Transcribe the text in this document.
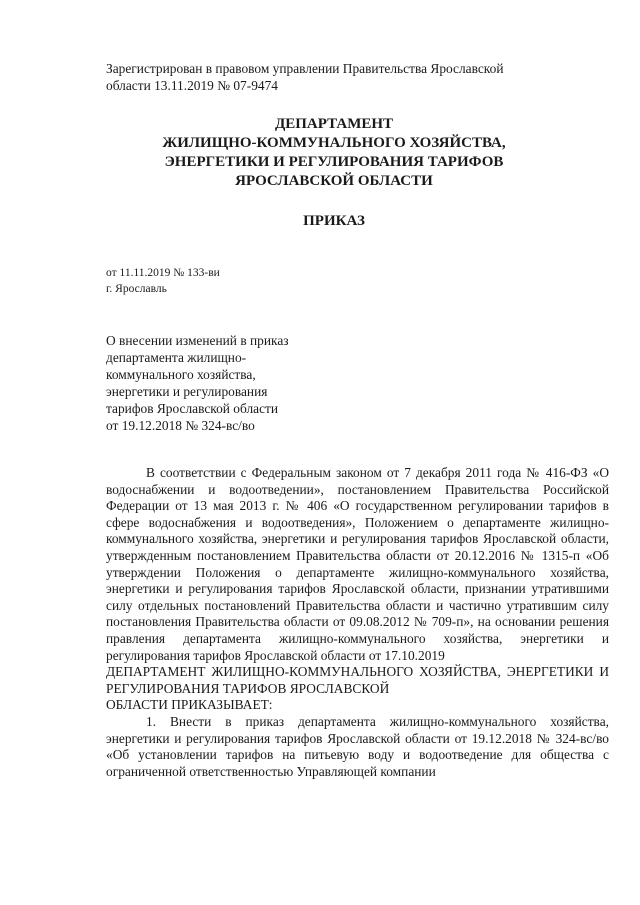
Зарегистрирован в правовом управлении Правительства Ярославской
области 13.11.2019 № 07-9474
ДЕПАРТАМЕНТ
ЖИЛИЩНО-КОММУНАЛЬНОГО ХОЗЯЙСТВА,
ЭНЕРГЕТИКИ И РЕГУЛИРОВАНИЯ ТАРИФОВ
ЯРОСЛАВСКОЙ ОБЛАСТИ
ПРИКАЗ
от 11.11.2019 № 133-ви
г. Ярославль
О внесении изменений в приказ
департамента жилищно-
коммунального хозяйства,
энергетики и регулирования
тарифов Ярославской области
от 19.12.2018 № 324-вс/во

В соответствии с Федеральным законом от 7 декабря 2011 года № 416-ФЗ «О водоснабжении и водоотведении», постановлением Правительства Российской Федерации от 13 мая 2013 г. № 406 «О государственном регулировании тарифов в сфере водоснабжения и водоотведения», Положением о департаменте жилищно-коммунального хозяйства, энергетики и регулирования тарифов Ярославской области, утвержденным постановлением Правительства области от 20.12.2016 № 1315-п «Об утверждении Положения о департаменте жилищно-коммунального хозяйства, энергетики и регулирования тарифов Ярославской области, признании утратившими силу отдельных постановлений Правительства области и частично утратившим силу постановления Правительства области от 09.08.2012 № 709-п», на основании решения правления департамента жилищно-коммунального хозяйства, энергетики и регулирования тарифов Ярославской области от 17.10.2019

ДЕПАРТАМЕНТ ЖИЛИЩНО-КОММУНАЛЬНОГО ХОЗЯЙСТВА, ЭНЕРГЕТИКИ И РЕГУЛИРОВАНИЯ ТАРИФОВ ЯРОСЛАВСКОЙ
ОБЛАСТИ ПРИКАЗЫВАЕТ:

1. Внести в приказ департамента жилищно-коммунального хозяйства, энергетики и регулирования тарифов Ярославской области от 19.12.2018 № 324-вс/во «Об установлении тарифов на питьевую воду и водоотведение для общества с ограниченной ответственностью Управляющей компании
